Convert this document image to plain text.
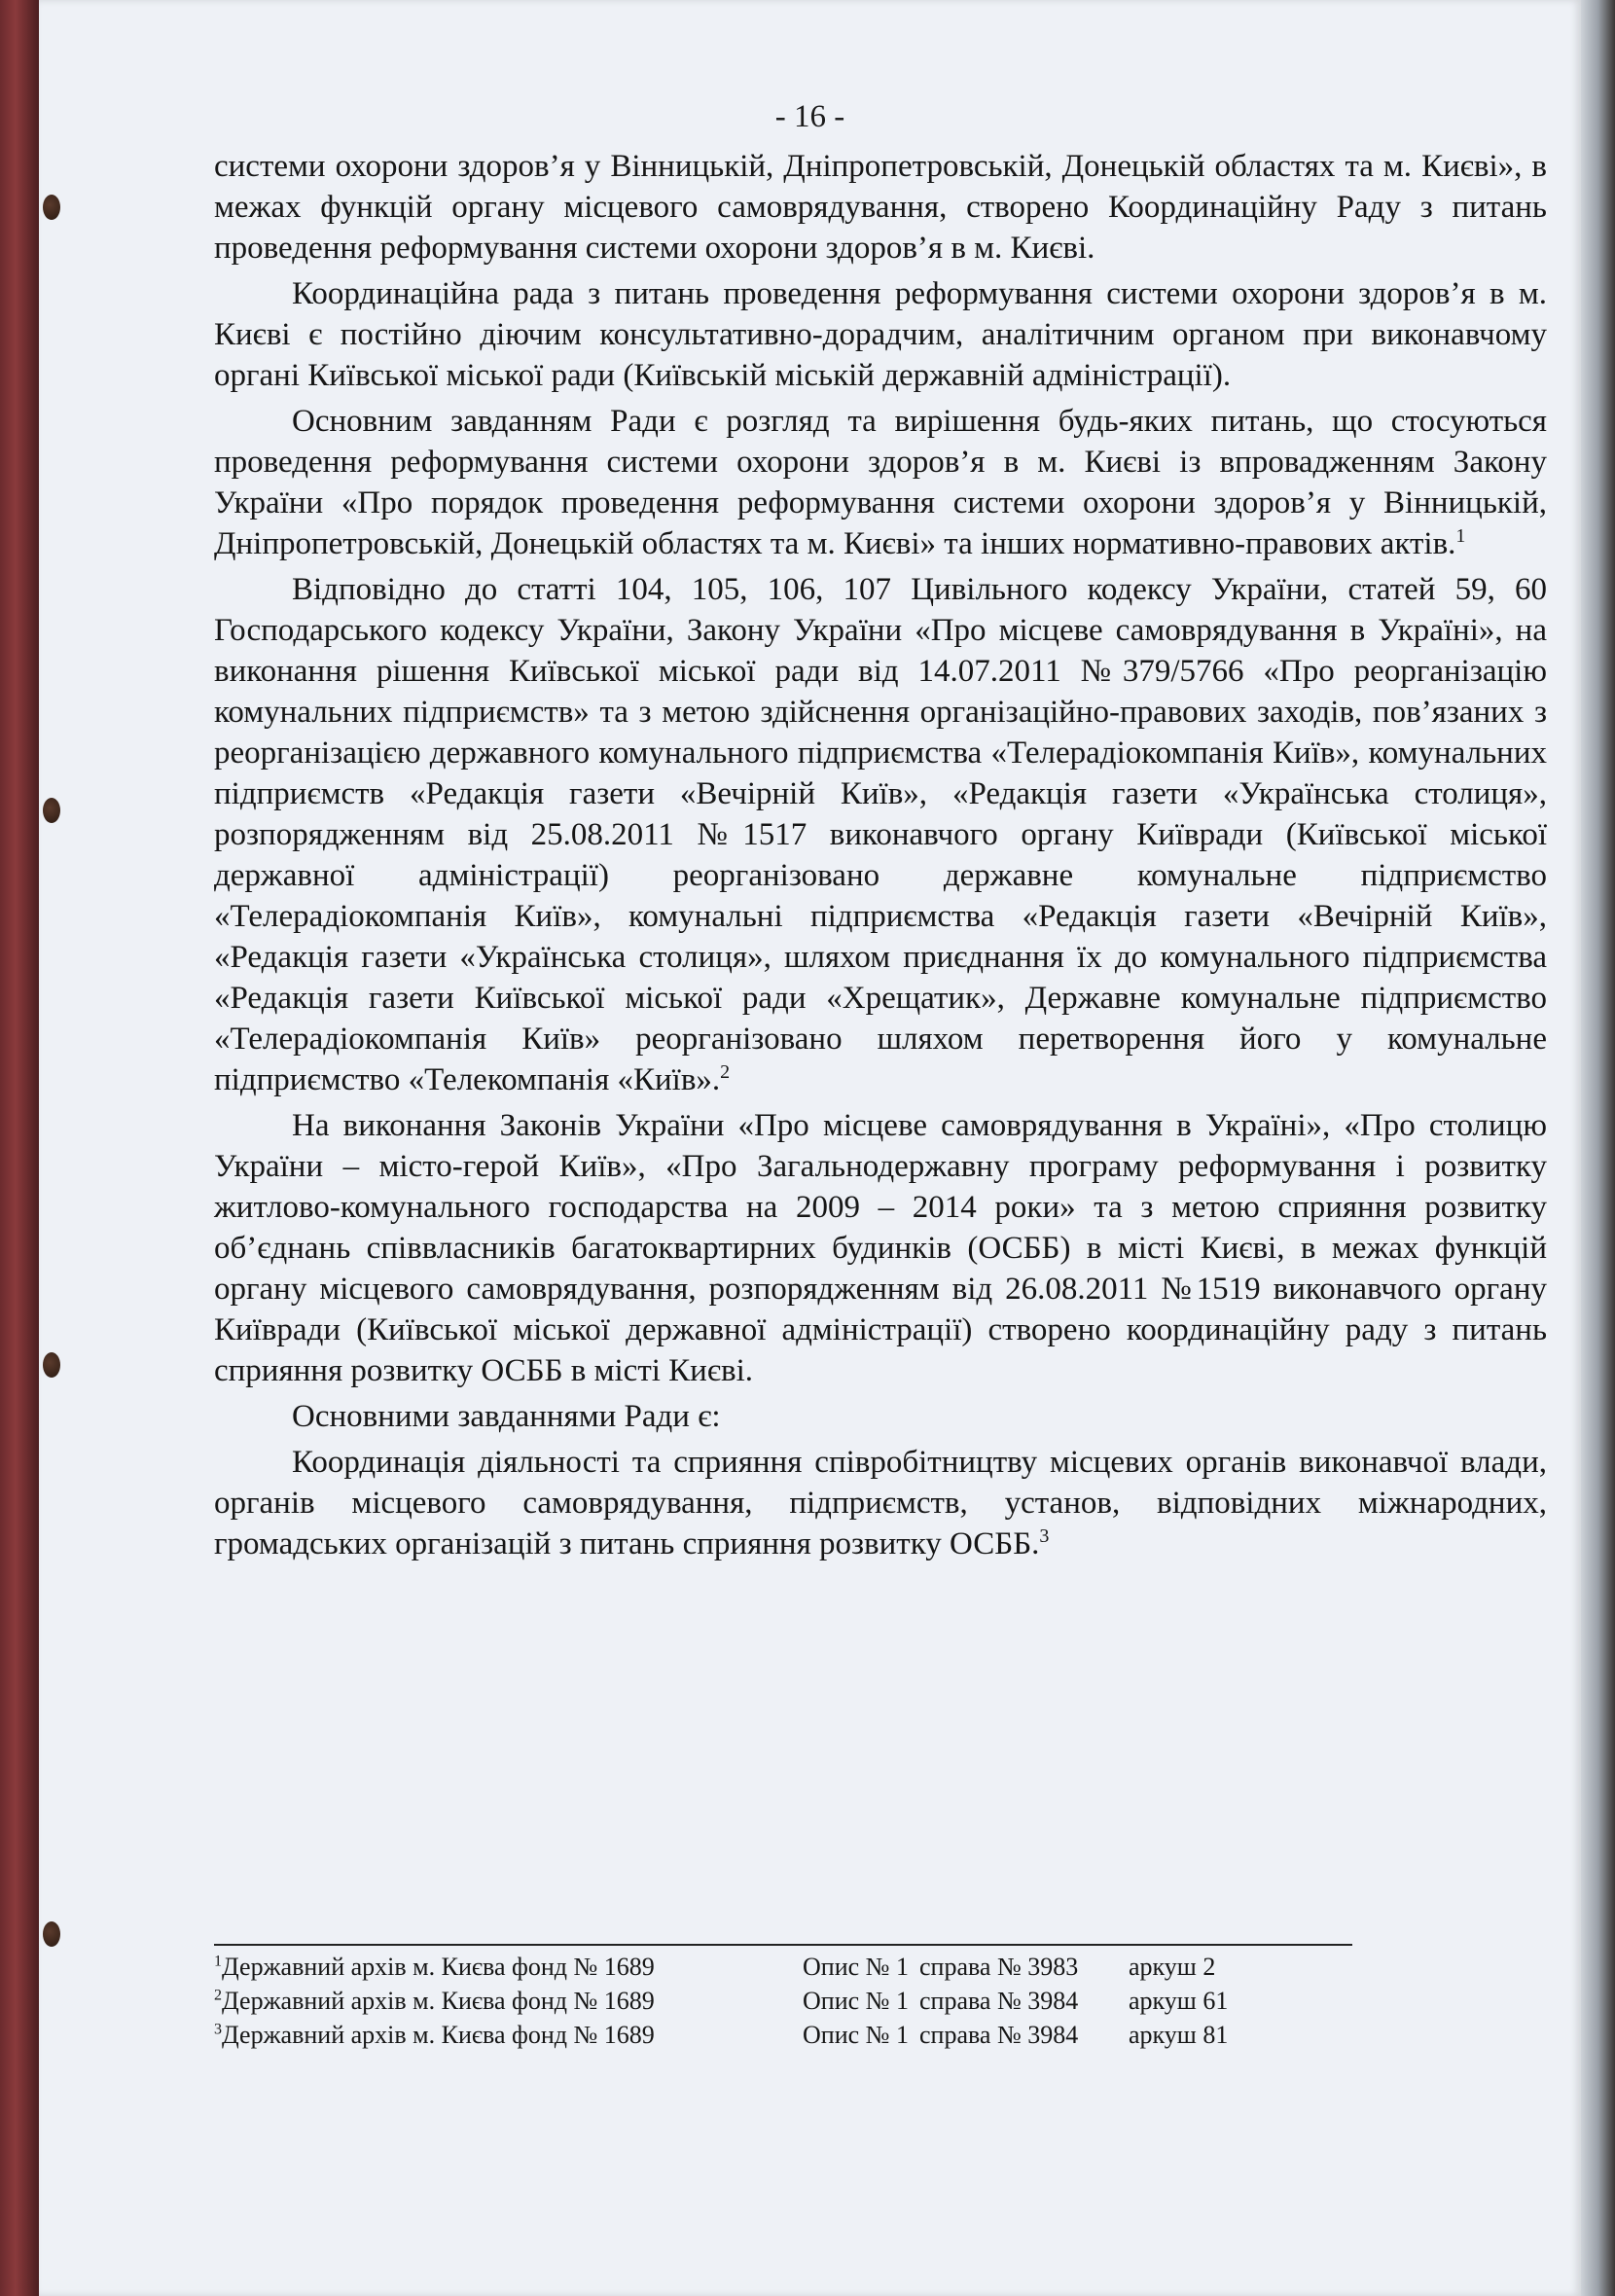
- 16 -

системи охорони здоров’я у Вінницькій, Дніпропетровській, Донецькій областях та м. Києві», в межах функцій органу місцевого самоврядування, створено Координаційну Раду з питань проведення реформування системи охорони здоров’я в м. Києві.

Координаційна рада з питань проведення реформування системи охорони здоров’я в м. Києві є постійно діючим консультативно-дорадчим, аналітичним органом при виконавчому органі Київської міської ради (Київській міській державній адміністрації).

Основним завданням Ради є розгляд та вирішення будь-яких питань, що стосуються проведення реформування системи охорони здоров’я в м. Києві із впровадженням Закону України «Про порядок проведення реформування системи охорони здоров’я у Вінницькій, Дніпропетровській, Донецькій областях та м. Києві» та інших нормативно-правових актів.$^1$

Відповідно до статті 104, 105, 106, 107 Цивільного кодексу України, статей 59, 60 Господарського кодексу України, Закону України «Про місцеве самоврядування в Україні», на виконання рішення Київської міської ради від 14.07.2011 №379/5766 «Про реорганізацію комунальних підприємств» та з метою здійснення організаційно-правових заходів, пов’язаних з реорганізацією державного комунального підприємства «Телерадіокомпанія Київ», комунальних підприємств «Редакція газети «Вечірній Київ», «Редакція газети «Українська столиця», розпорядженням від 25.08.2011 №1517 виконавчого органу Київради (Київської міської державної адміністрації) реорганізовано державне комунальне підприємство «Телерадіокомпанія Київ», комунальні підприємства «Редакція газети «Вечірній Київ», «Редакція газети «Українська столиця», шляхом приєднання їх до комунального підприємства «Редакція газети Київської міської ради «Хрещатик», Державне комунальне підприємство «Телерадіокомпанія Київ» реорганізовано шляхом перетворення його у комунальне підприємство «Телекомпанія «Київ».$^2$

На виконання Законів України «Про місцеве самоврядування в Україні», «Про столицю України – місто-герой Київ», «Про Загальнодержавну програму реформування і розвитку житлово-комунального господарства на 2009 – 2014 роки» та з метою сприяння розвитку об’єднань співвласників багатоквартирних будинків (ОСББ) в місті Києві, в межах функцій органу місцевого самоврядування, розпорядженням від 26.08.2011 №1519 виконавчого органу Київради (Київської міської державної адміністрації) створено координаційну раду з питань сприяння розвитку ОСББ в місті Києві.

Основними завданнями Ради є:

Координація діяльності та сприяння співробітництву місцевих органів виконавчої влади, органів місцевого самоврядування, підприємств, установ, відповідних міжнародних, громадських організацій з питань сприяння розвитку ОСББ.$^3$

$^1$Державний архів м. Києва фонд № 1689	Опис № 1 справа № 3983	аркуш 2
$^2$Державний архів м. Києва фонд № 1689	Опис № 1 справа № 3984	аркуш 61
$^3$Державний архів м. Києва фонд № 1689	Опис № 1 справа № 3984	аркуш 81
